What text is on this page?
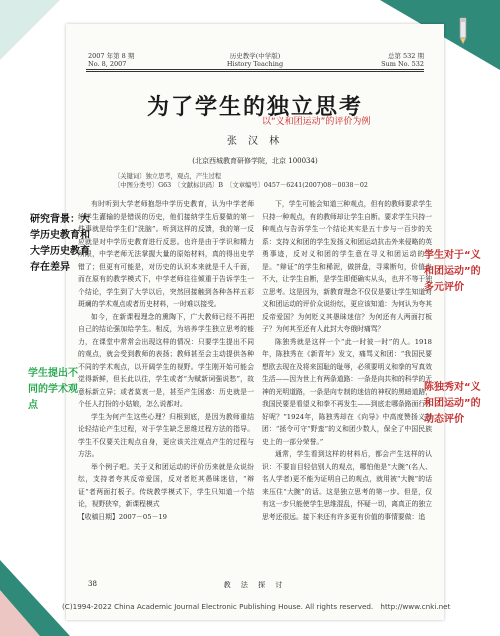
2007 年第 8 期
No. 8, 2007
历史教学(中学版)
History Teaching
总第 532 期
Sum No. 532
为了学生的独立思考
以“义和团运动”的评价为例
张 汉 林
(北京西城教育研修学院，北京 100034)
〔关键词〕独立思考，观点，产生过程
〔中图分类号〕G63　〔文献标识码〕B　〔文章编号〕0457－6241(2007)08－0038－02

有时听到大学老师抱怨中学历史教育，认为中学老师给学生灌输的是错误的历史，他们接纳学生后要做的第一件事就是给学生们“洗脑”。听到这样的反馈，我的第一反应就是对中学历史教育进行反思。也许是由于学识和精力所限，中学老师无法掌握大量的原始材料，真的得出史学错了；但更有可能是，对历史的认识本来就是千人千面，而在原有的教学模式下，中学老师往往倾重于告诉学生一个结论，学生到了大学以后，突然回接触到各种各样五彩斑斓的学术观点或者历史材料，一时难以接受。

如今，在新课程理念的熏陶下，广大教师已经不再把自己的结论强加给学生。相反，为培养学生独立思考的能力，在课堂中常常会出现这样的情况：只要学生提出不同的观点，就会受到教师的表扬；教师甚至会主动提供各种不同的学术观点，以开阔学生的视野。学生刚开始可能会觉得新鲜，但长此以往，学生或者“为赋新词强说愁”，故意标新立异；或者莫衷一是，甚至产生困惑：历史就是一个任人打扮的小姑娘，怎么说都对。

学生为何产生这些心理？归根到底，是因为教师重结论轻结论产生过程，对于学生缺乏思维过程方法的指导。学生不仅要关注观点自身，更应该关注观点产生的过程与方法。

举个例子吧。关于义和团运动的评价历来就是众说纷纭，支持者夸其反帝爱国，反对者贬其愚昧迷信，“辩证”者两面打板子。传统教学模式下，学生只知道一个结论，视野狭窄，新课程模式

【收稿日期】2007－05－19

下，学生可能会知道三种观点，但有的教师要求学生只持一种观点，有的教师却让学生自断。要求学生只持一种观点与告诉学生一个结论其实是五十步与一百步的关系：支持义和团的学生发扬义和团运动抗击外来侵略的英勇事迹，反对义和团的学生意在寻义和团运动的不是。“辩证”的学生和稀泥，做拼盘，寻乘断句，价值也不大，让学生自断，是学生即便确实从头，也并不等于独立思考。这是因为，新教育理念不仅仅是要让学生知道对义和团运动的评价众说纷纭，更应该知道：为何认为夸其反帝爱国？为何贬义其愚昧迷信？为何还有人两面打板子？为何其至还有人此封大夸俄时痛骂？

陈独秀就是这样一个“此一时彼一时”的人。1918年，陈独秀在《新青年》发文，痛骂义和团：“我国民要想欧去现在及将来国耻的耻辱，必须要明义和拳的写真效生活——因为世上有两条道路：一条是向共和的科学的无神的光明道路，一条是向专制的迷信的神权的黑暗道路，我国民要是看望义和拳不再发生——到底走哪条路面行才好呢？”1924年，陈独秀却在《向导》中高度赞扬义和团：“拯令可守“野蛮”的义和团少数人，保全了中国民族史上的一部分荣誉。”

通常，学生看到这样的材料后，都会产生这样的认识：不要盲目轻信别人的观点，哪怕他是“大腕”(名人、名人学者)更不能为证明自己的观点，就用被“大腕”的话来压住“大腕”的话。这是独立思考的第一步。但是，仅有这一步只能使学生思维混乱，怀疑一切，离真正的独立思考还很远。接下来还有许多更有价值的事情要做：追

38	教 法 探 讨
(C)1994-2022 China Academic Journal Electronic Publishing House. All rights reserved.　http://www.cnki.net
研究背景：大学历史教育和大学历史教育存在差异
学生提出不同的学术观点
学生对于“义和团运动”的多元评价
陈独秀对“义和团运动”的动态评价
